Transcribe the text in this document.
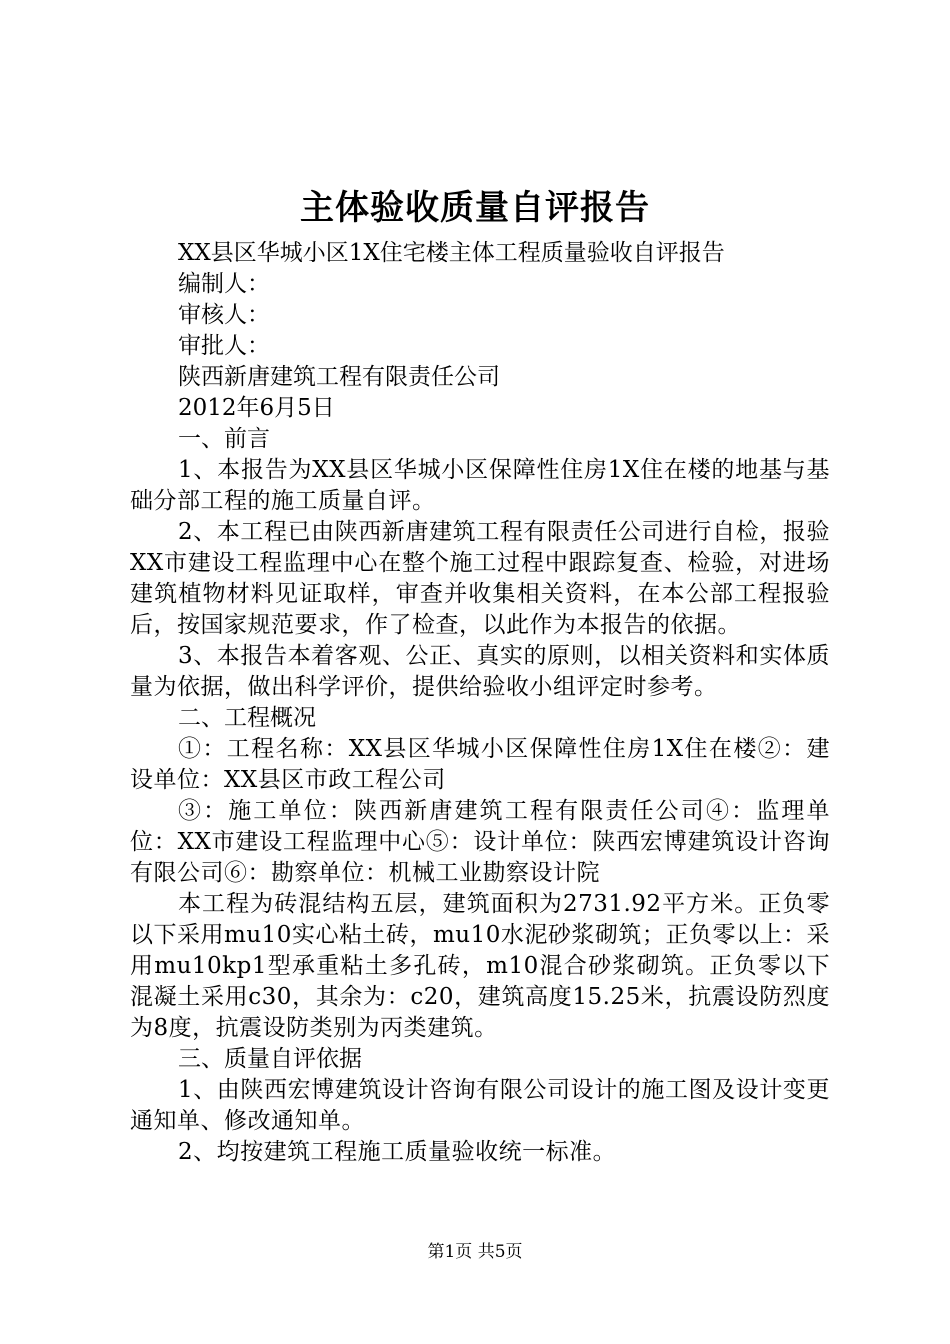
主体验收质量自评报告
XX县区华城小区1X住宅楼主体工程质量验收自评报告
编制人：
审核人：
审批人：
陕西新唐建筑工程有限责任公司
2012年6月5日
一、前言
1、本报告为XX县区华城小区保障性住房1X住在楼的地基与基础分部工程的施工质量自评。
2、本工程已由陕西新唐建筑工程有限责任公司进行自检，报验XX市建设工程监理中心在整个施工过程中跟踪复查、检验，对进场建筑植物材料见证取样，审查并收集相关资料，在本公部工程报验后，按国家规范要求，作了检查，以此作为本报告的依据。
3、本报告本着客观、公正、真实的原则，以相关资料和实体质量为依据，做出科学评价，提供给验收小组评定时参考。
二、工程概况
①：工程名称：XX县区华城小区保障性住房1X住在楼②：建设单位：XX县区市政工程公司
③：施工单位：陕西新唐建筑工程有限责任公司④：监理单位：XX市建设工程监理中心⑤：设计单位：陕西宏博建筑设计咨询有限公司⑥：勘察单位：机械工业勘察设计院
本工程为砖混结构五层，建筑面积为2731.92平方米。正负零以下采用mu10实心粘土砖，mu10水泥砂浆砌筑；正负零以上：采用mu10kp1型承重粘土多孔砖，m10混合砂浆砌筑。正负零以下混凝土采用c30，其余为：c20，建筑高度15.25米，抗震设防烈度为8度，抗震设防类别为丙类建筑。
三、质量自评依据
1、由陕西宏博建筑设计咨询有限公司设计的施工图及设计变更通知单、修改通知单。
2、均按建筑工程施工质量验收统一标准。
第1页 共5页
